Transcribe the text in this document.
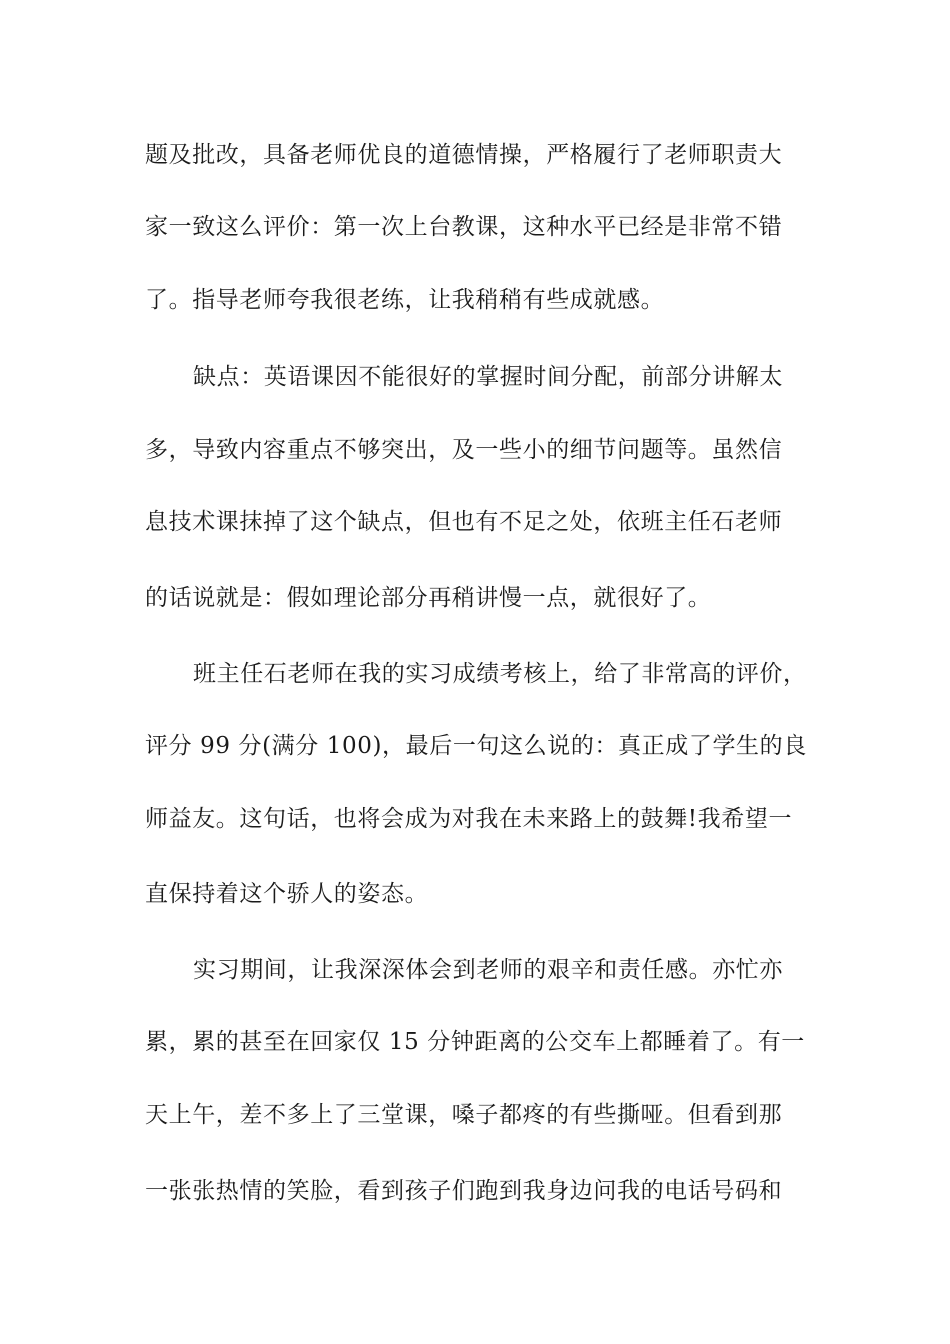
题及批改，具备老师优良的道德情操，严格履行了老师职责大
家一致这么评价：第一次上台教课，这种水平已经是非常不错
了。指导老师夸我很老练，让我稍稍有些成就感。
缺点：英语课因不能很好的掌握时间分配，前部分讲解太
多，导致内容重点不够突出，及一些小的细节问题等。虽然信
息技术课抹掉了这个缺点，但也有不足之处，依班主任石老师
的话说就是：假如理论部分再稍讲慢一点，就很好了。
班主任石老师在我的实习成绩考核上，给了非常高的评价，
评分 99 分(满分 100)，最后一句这么说的：真正成了学生的良
师益友。这句话，也将会成为对我在未来路上的鼓舞!我希望一
直保持着这个骄人的姿态。
实习期间，让我深深体会到老师的艰辛和责任感。亦忙亦
累，累的甚至在回家仅 15 分钟距离的公交车上都睡着了。有一
天上午，差不多上了三堂课，嗓子都疼的有些撕哑。但看到那
一张张热情的笑脸，看到孩子们跑到我身边问我的电话号码和
